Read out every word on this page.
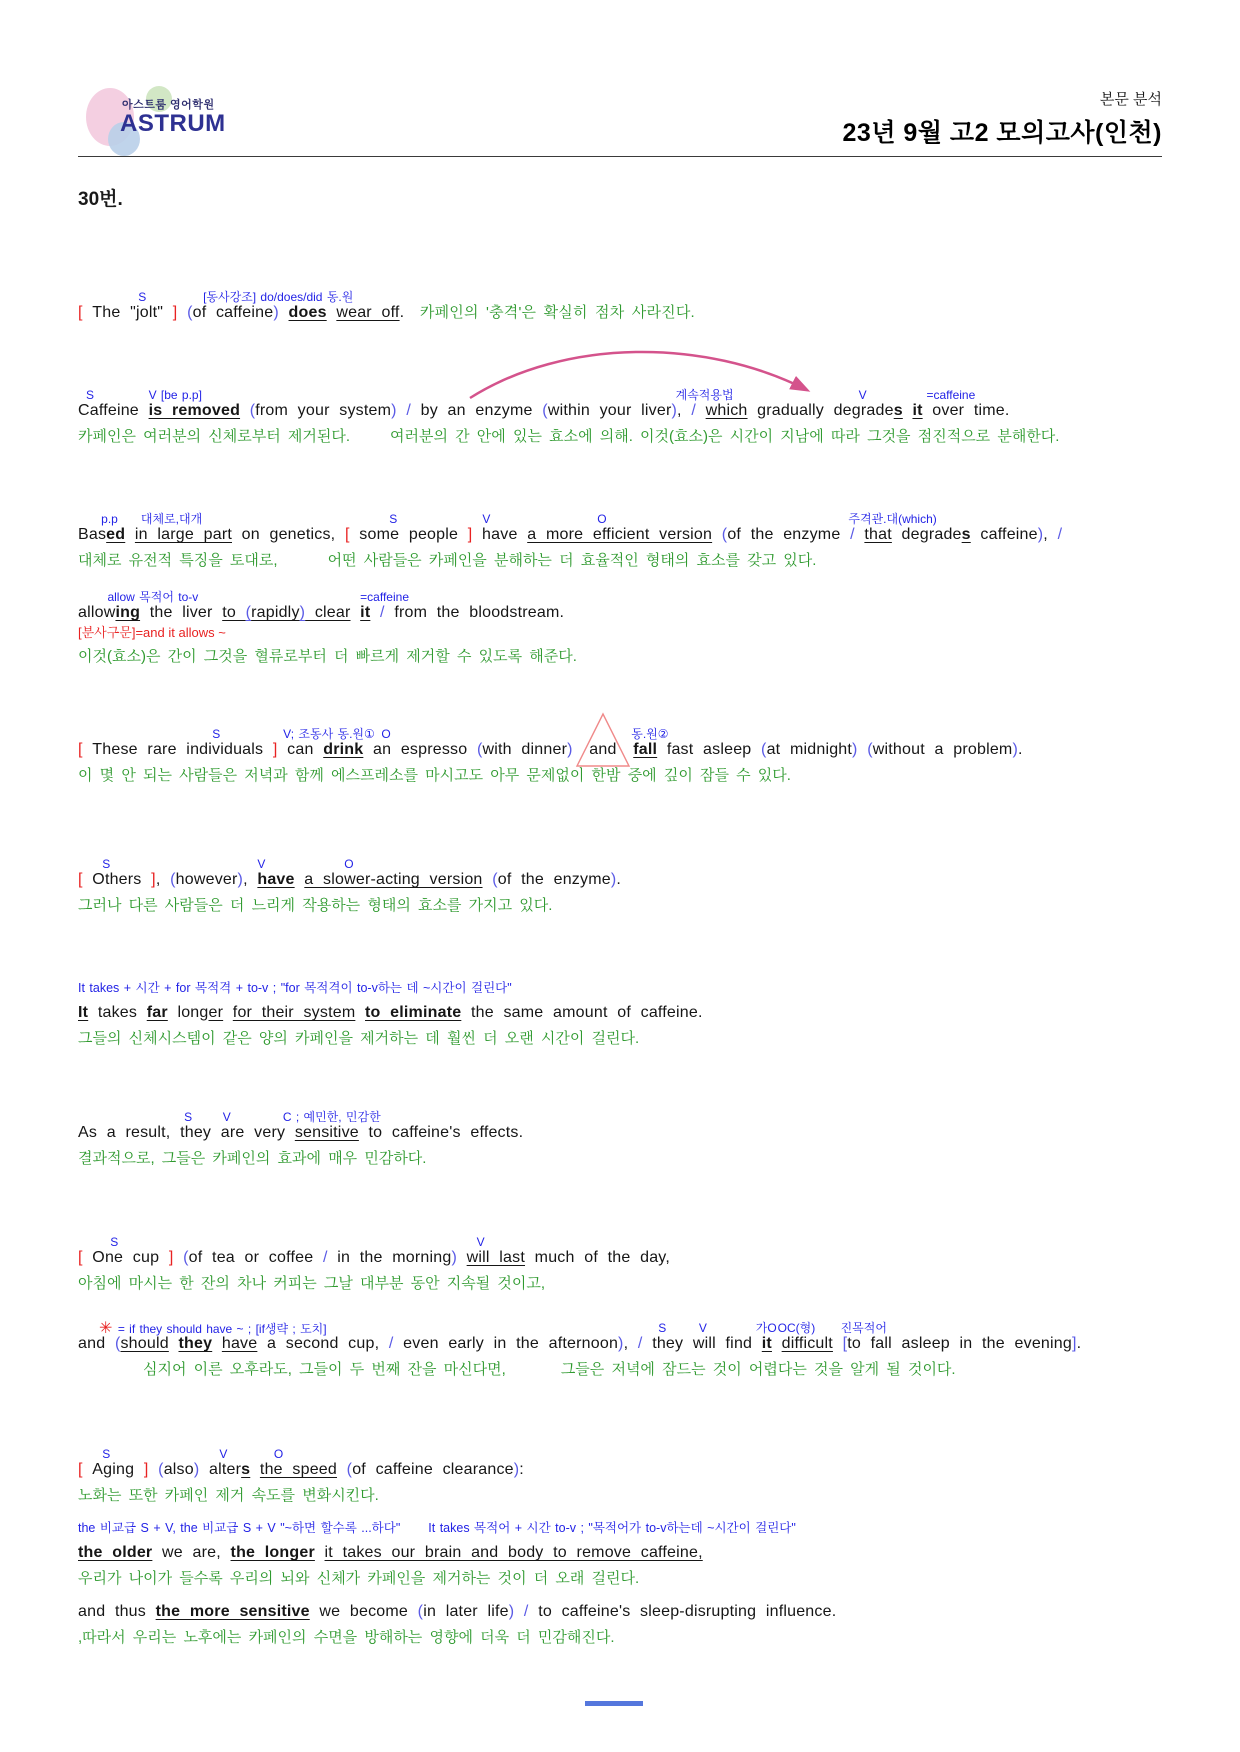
아스트룸 영어학원
ASTRUM
본문 분석
23년 9월 고2 모의고사(인천)
30번.
[
S
The "jolt" ]
[동사강조] do/does/did 동.원
(of caffeine) does wear off. 카페인의 '충격'은 확실히 점차 사라진다.
S
Caffeine
V [be p.p]
is removed (from your system) / by an enzyme (within your liver), /
계속적용법
which gradually
V
degrades
=caffeine
it over time.
카페인은 여러분의 신체로부터 제거된다.	여러분의 간 안에 있는 효소에 의해. 이것(효소)은 시간이 지남에 따라 그것을 점진적으로 분해한다.
Bas
p.p
ed
대체로,대개
in large part on genetics, [
S
some people ]
V
have
O
a more efficient version (of the enzyme /
주격관.대(which)
that degrades caffeine), /
대체로 유전적 특징을 토대로,	어떤 사람들은 카페인을 분해하는 더 효율적인 형태의 효소를 갖고 있다.
allow
allow 목적어 to-v
ing the liver to (rapidly) clear
=caffeine
it / from the bloodstream.
[분사구문]=and it allows ~
이것(효소)은 간이 그것을 혈류로부터 더 빠르게 제거할 수 있도록 해준다.
[
S
These rare individuals ]
V; 조동사 동.원①
can drink
O
an espresso (with dinner) and

동.원②
fall fast asleep (at midnight) (without a problem).
이 몇 안 되는 사람들은 저녁과 함께 에스프레소를 마시고도 아무 문제없이 한밤 중에 깊이 잠들 수 있다.
[
S
Others ], (however),
V
have
O
a slower-acting version (of the enzyme).
그러나 다른 사람들은 더 느리게 작용하는 형태의 효소를 가지고 있다.
It takes + 시간 + for 목적격 + to-v ; "for 목적격이 to-v하는 데 ~시간이 걸린다"
It takes far longer for their system to eliminate the same amount of caffeine.
그들의 신체시스템이 같은 양의 카페인을 제거하는 데 훨씬 더 오랜 시간이 걸린다.
As a result,
S
they
V
are very
C ; 예민한, 민감한
sensitive to caffeine's effects.
결과적으로, 그들은 카페인의 효과에 매우 민감하다.
[
S
One cup ] (of tea or coffee / in the morning)
V
will last much of the day,
아침에 마시는 한 잔의 차나 커피는 그날 대부분 동안 지속될 것이고,
and
✳ = if they should have ~ ; [if생략 ; 도치]
(should they have a second cup, / even early in the afternoon), /
S
they
V
will find
가O
it
OC(형)
difficult
진목적어
[to fall asleep in the evening].
심지어 이른 오후라도, 그들이 두 번째 잔을 마신다면,	그들은 저녁에 잠드는 것이 어렵다는 것을 알게 될 것이다.
[
S
Aging ] (also)
V
alters
O
the speed (of caffeine clearance):
노화는 또한 카페인 제거 속도를 변화시킨다.
the 비교급 S + V, the 비교급 S + V "~하면 할수록 ...하다" It takes 목적어 + 시간 to-v ; "목적어가 to-v하는데 ~시간이 걸린다"
the older we are, the longer it takes our brain and body to remove caffeine,
우리가 나이가 들수록 우리의 뇌와 신체가 카페인을 제거하는 것이 더 오래 걸린다.
and thus the more sensitive we become (in later life) / to caffeine's sleep-disrupting influence.
,따라서 우리는 노후에는 카페인의 수면을 방해하는 영향에 더욱 더 민감해진다.
